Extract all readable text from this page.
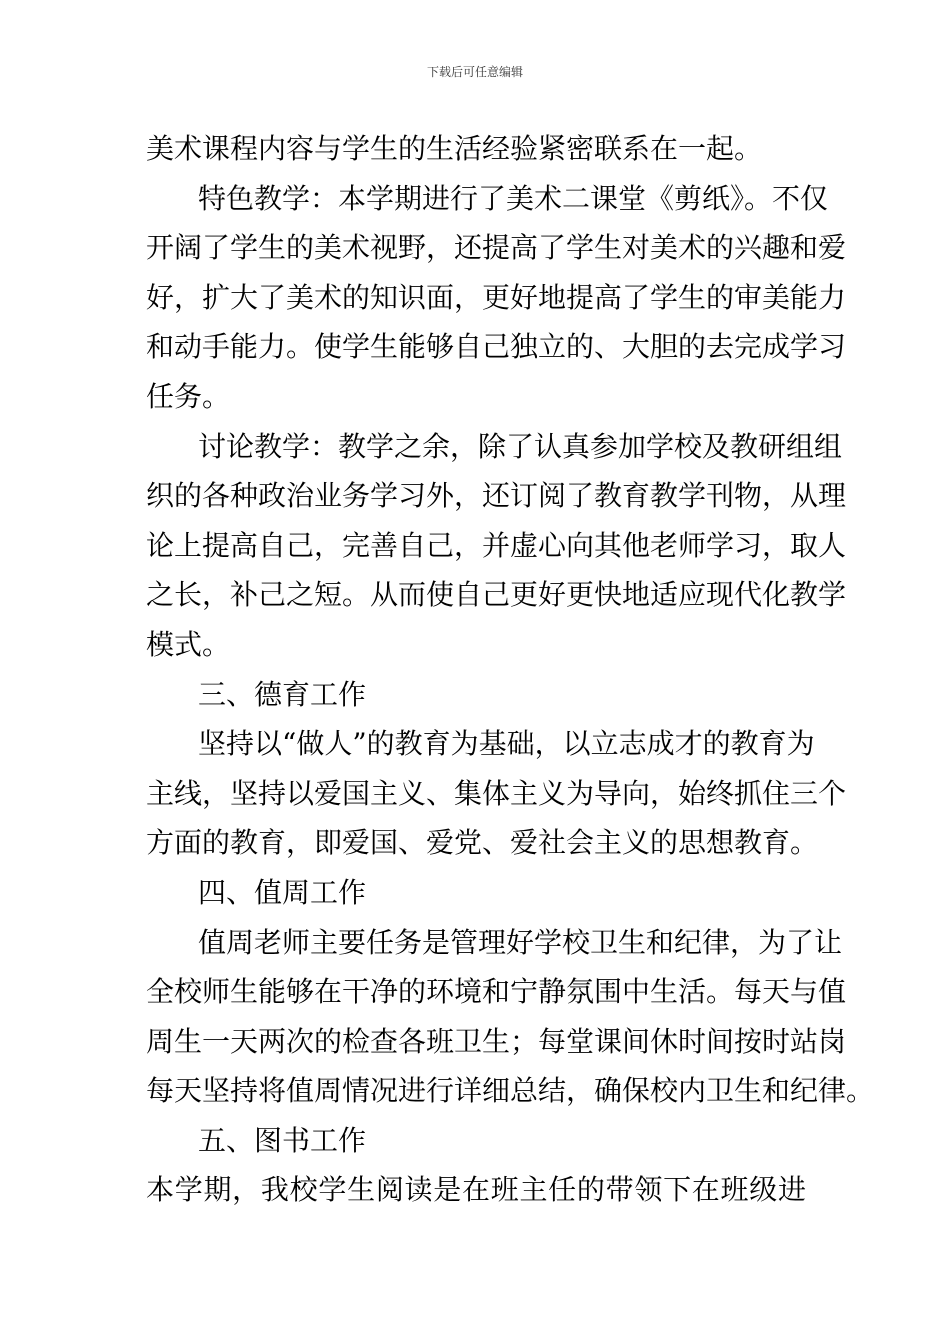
下载后可任意编辑
美术课程内容与学生的生活经验紧密联系在一起。
特色教学：本学期进行了美术二课堂《剪纸》。不仅
开阔了学生的美术视野，还提高了学生对美术的兴趣和爱
好，扩大了美术的知识面，更好地提高了学生的审美能力
和动手能力。使学生能够自己独立的、大胆的去完成学习
任务。
讨论教学：教学之余，除了认真参加学校及教研组组
织的各种政治业务学习外，还订阅了教育教学刊物，从理
论上提高自己，完善自己，并虚心向其他老师学习，取人
之长，补己之短。从而使自己更好更快地适应现代化教学
模式。
三、德育工作
坚持以“做人”的教育为基础，以立志成才的教育为
主线，坚持以爱国主义、集体主义为导向，始终抓住三个
方面的教育，即爱国、爱党、爱社会主义的思想教育。
四、值周工作
值周老师主要任务是管理好学校卫生和纪律，为了让
全校师生能够在干净的环境和宁静氛围中生活。每天与值
周生一天两次的检查各班卫生；每堂课间休时间按时站岗
每天坚持将值周情况进行详细总结，确保校内卫生和纪律。
五、图书工作
本学期，我校学生阅读是在班主任的带领下在班级进
